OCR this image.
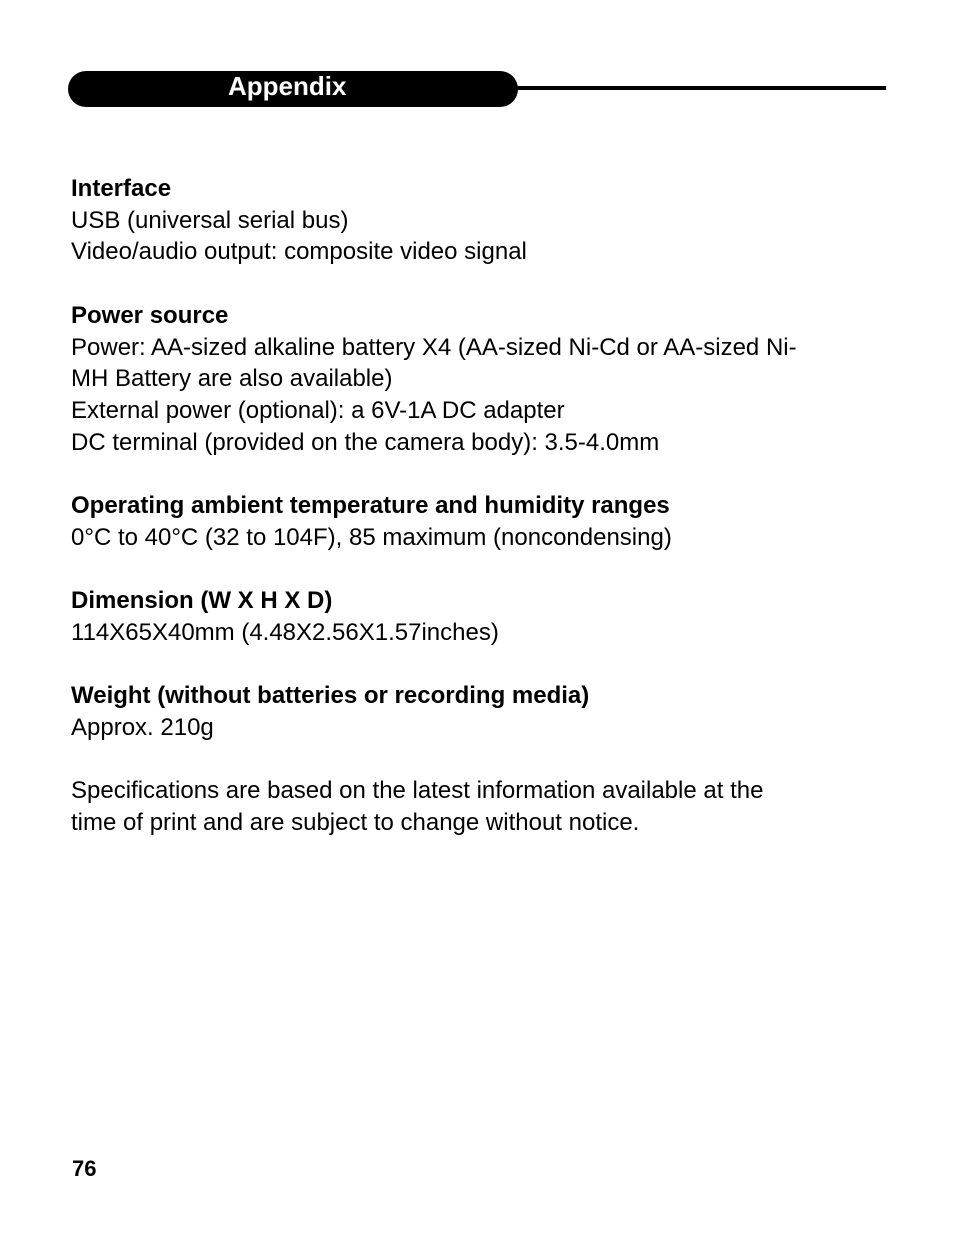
Appendix
Interface
USB (universal serial bus)
Video/audio output: composite video signal
Power source
Power: AA-sized alkaline battery X4 (AA-sized Ni-Cd or AA-sized Ni-
MH Battery are also available)
External power (optional): a 6V-1A DC adapter
DC terminal (provided on the camera body): 3.5-4.0mm
Operating ambient temperature and humidity ranges
0°C to 40°C (32 to 104F), 85 maximum (noncondensing)
Dimension (W X H X D)
114X65X40mm (4.48X2.56X1.57inches)
Weight (without batteries or recording media)
Approx. 210g
Specifications are based on the latest information available at the
time of print and are subject to change without notice.
76
